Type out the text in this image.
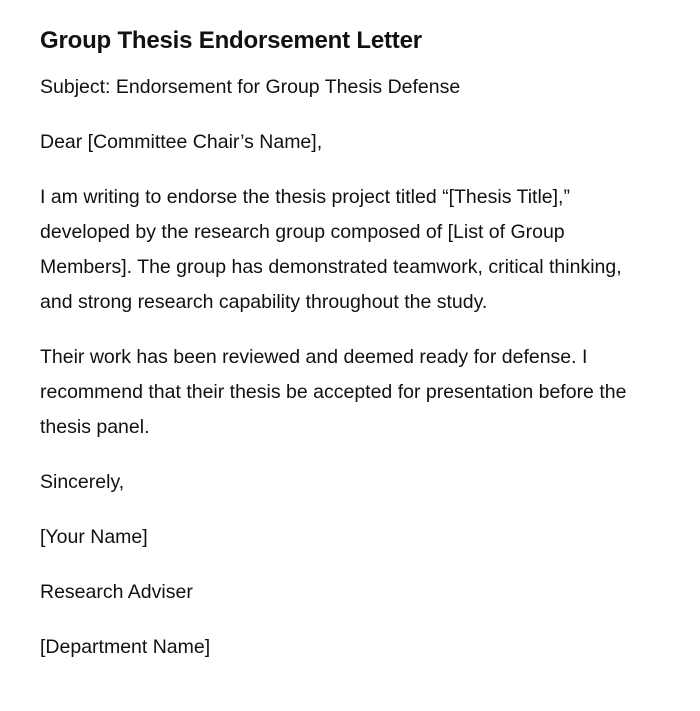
Group Thesis Endorsement Letter

Subject: Endorsement for Group Thesis Defense

Dear [Committee Chair’s Name],

I am writing to endorse the thesis project titled “[Thesis Title],” developed by the research group composed of [List of Group Members]. The group has demonstrated teamwork, critical thinking, and strong research capability throughout the study.

Their work has been reviewed and deemed ready for defense. I recommend that their thesis be accepted for presentation before the thesis panel.

Sincerely,

[Your Name]

Research Adviser

[Department Name]
